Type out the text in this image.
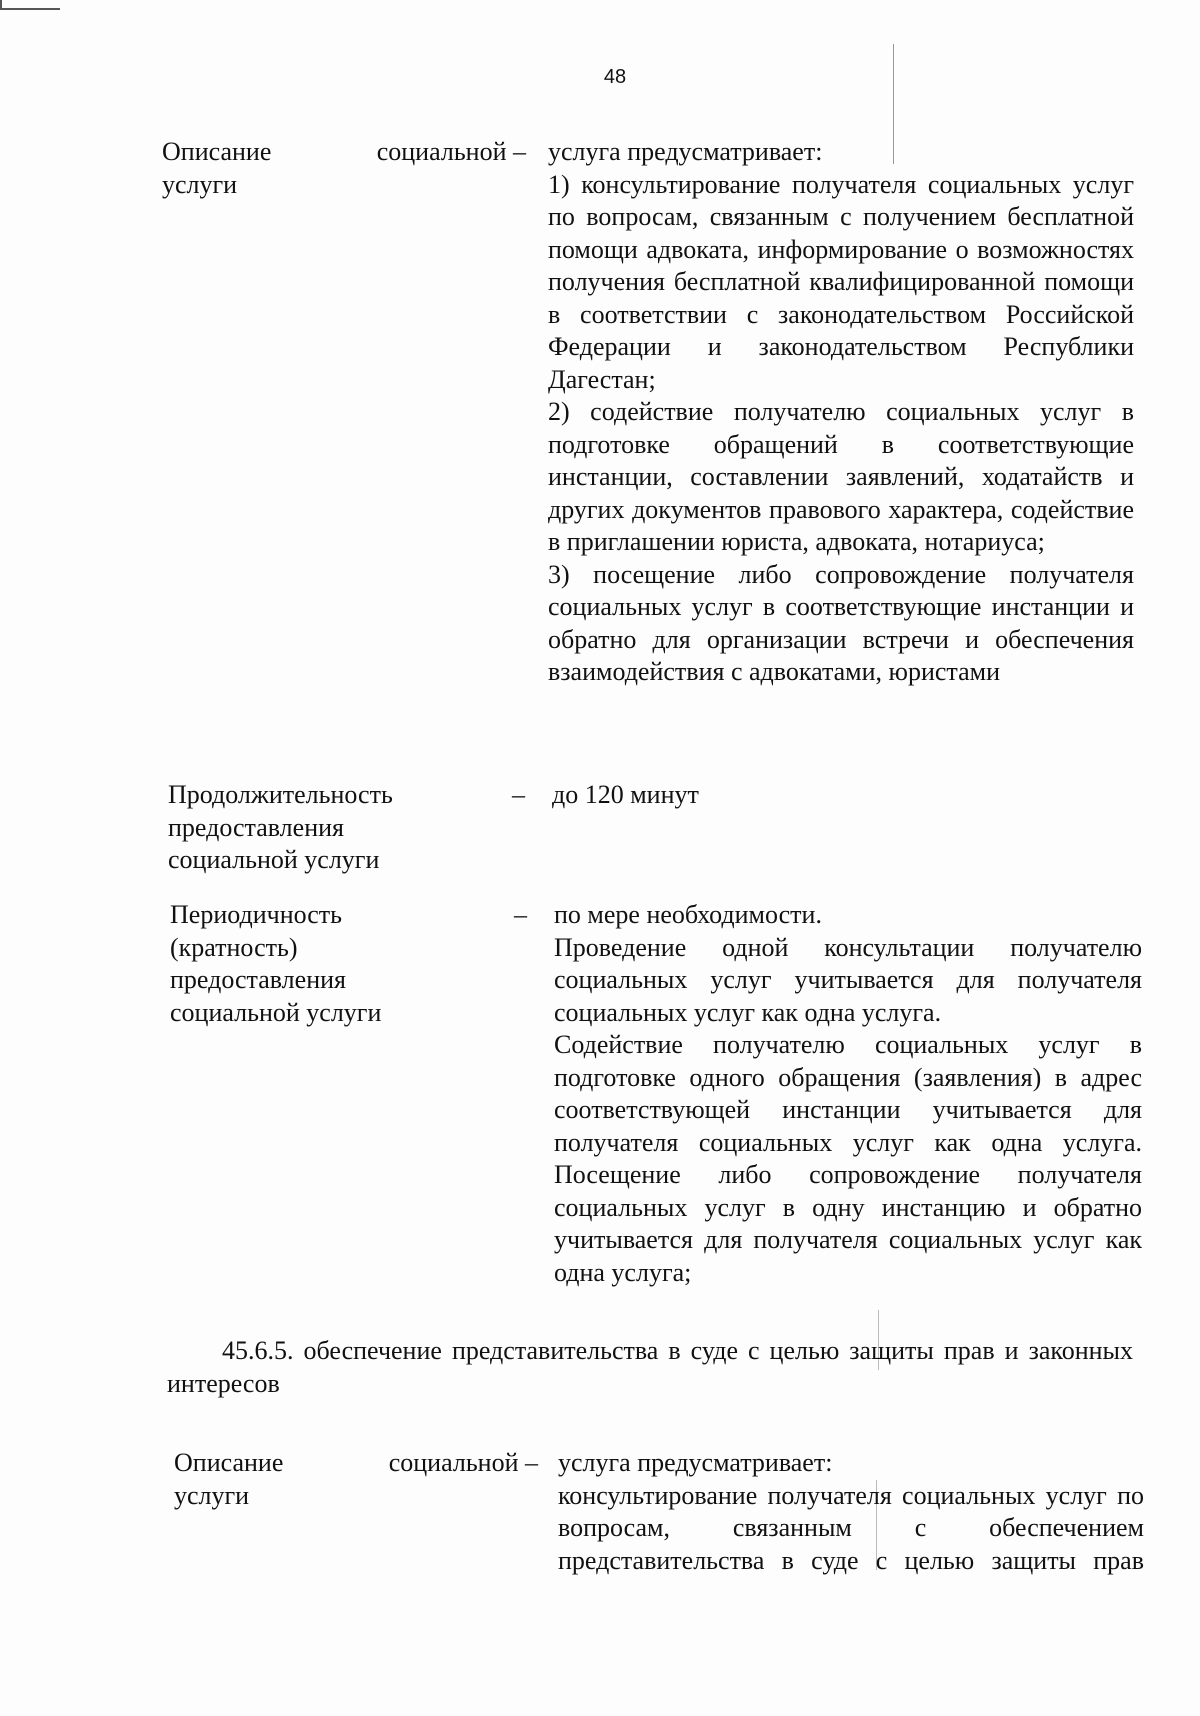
48
Описание	социальной –
услуги

услуга предусматривает:

1) консультирование получателя социальных услуг по вопросам, связанным с получением бесплатной помощи адвоката, информирование о возможностях получения бесплатной квалифицированной помощи в соответствии с законодательством Российской Федерации и законодательством Республики Дагестан;

2) содействие получателю социальных услуг в подготовке обращений в соответствующие инстанции, составлении заявлений, ходатайств и других документов правового характера, содействие в приглашении юриста, адвоката, нотариуса;

3) посещение либо сопровождение получателя социальных услуг в соответствующие инстанции и обратно для организации встречи и обеспечения взаимодействия с адвокатами, юристами

Продолжительность
предоставления
социальной услуги
– до 120 минут
Периодичность
(кратность)
предоставления
социальной услуги
– по мере необходимости.

Проведение одной консультации получателю социальных услуг учитывается для получателя социальных услуг как одна услуга.

Содействие получателю социальных услуг в подготовке одного обращения (заявления) в адрес соответствующей инстанции учитывается для получателя социальных услуг как одна услуга. Посещение либо сопровождение получателя социальных услуг в одну инстанцию и обратно учитывается для получателя социальных услуг как одна услуга;

45.6.5. обеспечение представительства в суде с целью защиты прав и законных интересов
Описание	социальной –
услуги

услуга предусматривает:

консультирование получателя социальных услуг по вопросам, связанным с обеспечением представительства в суде с целью защиты прав
